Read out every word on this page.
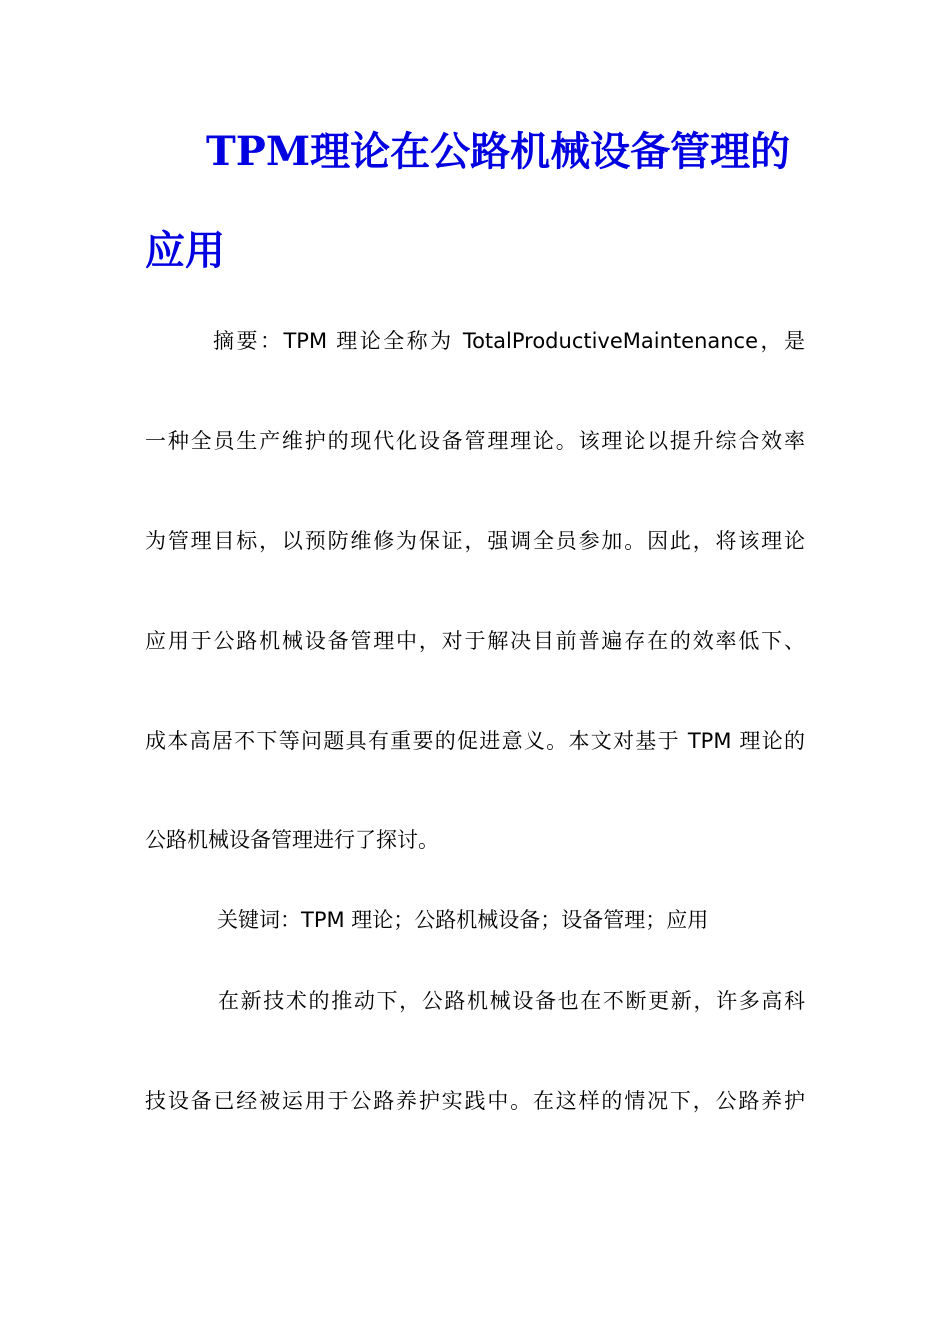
TPM理论在公路机械设备管理的
应用
摘要：TPM 理论全称为 TotalProductiveMaintenance，是
一种全员生产维护的现代化设备管理理论。该理论以提升综合效率
为管理目标，以预防维修为保证，强调全员参加。因此，将该理论
应用于公路机械设备管理中，对于解决目前普遍存在的效率低下、
成本高居不下等问题具有重要的促进意义。本文对基于 TPM 理论的
公路机械设备管理进行了探讨。
关键词：TPM 理论；公路机械设备；设备管理；应用
在新技术的推动下，公路机械设备也在不断更新，许多高科
技设备已经被运用于公路养护实践中。在这样的情况下，公路养护
